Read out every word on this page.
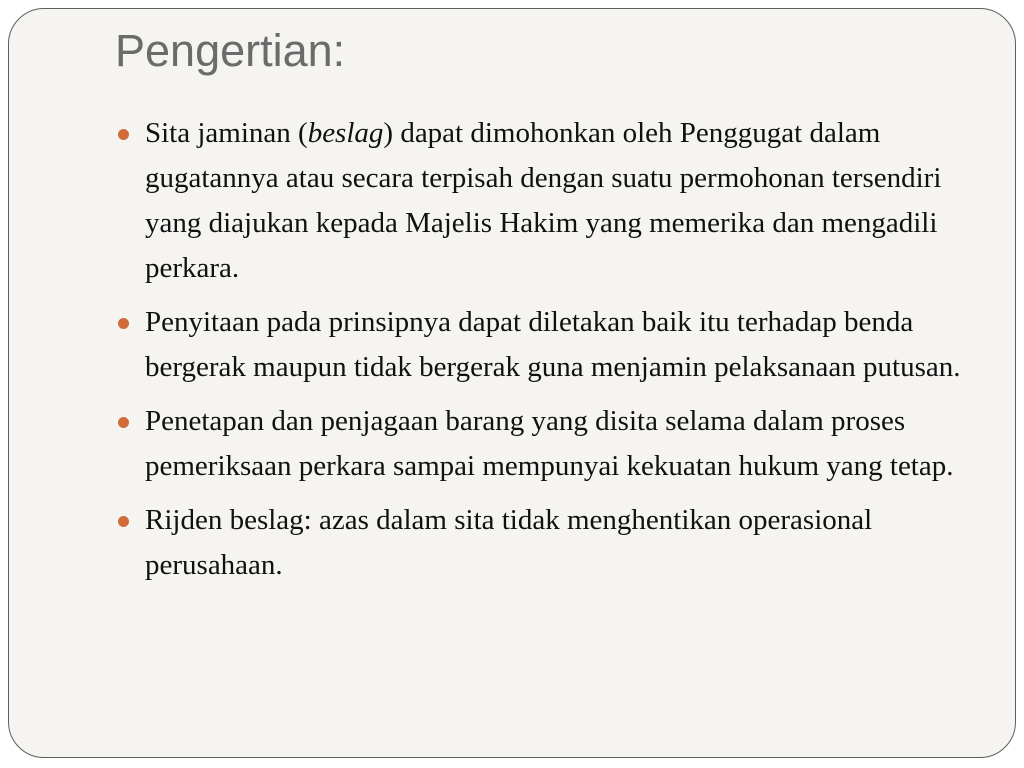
Pengertian:
Sita jaminan (beslag) dapat dimohonkan oleh Penggugat dalam gugatannya atau secara terpisah dengan suatu permohonan tersendiri yang diajukan kepada Majelis Hakim yang memerika dan mengadili perkara.
Penyitaan pada prinsipnya dapat diletakan baik itu terhadap benda bergerak maupun tidak bergerak guna menjamin pelaksanaan putusan.
Penetapan dan penjagaan barang yang disita selama dalam proses pemeriksaan perkara sampai mempunyai kekuatan hukum yang tetap.
Rijden beslag: azas dalam sita tidak menghentikan operasional perusahaan.
